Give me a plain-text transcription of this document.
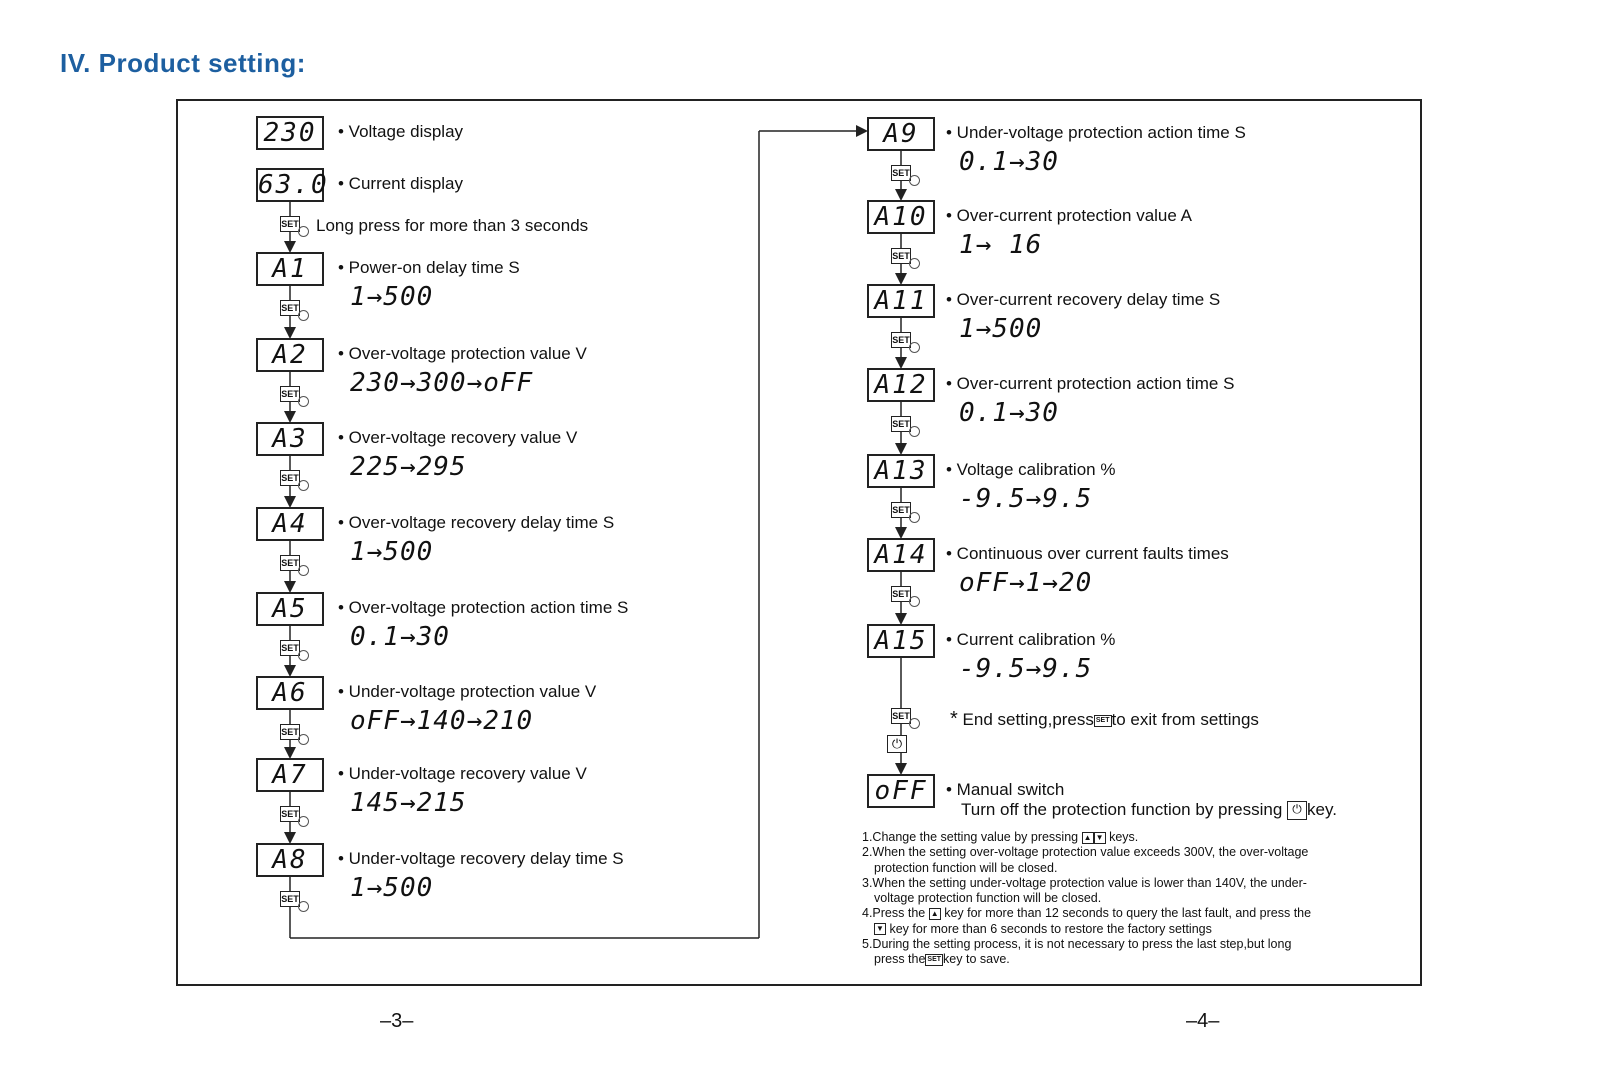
IV. Product setting:
Long press for more than 3 seconds
* End setting,press SET to exit from settings
⏻
oFF	• Manual switch
Turn off the protection function by pressing ⏻ key.
1.Change the setting value by pressing ▲ ▼ keys.
2.When the setting over-voltage protection value exceeds 300V, the over-voltage
protection function will be closed.
3.When the setting under-voltage protection value is lower than 140V, the under-
voltage protection function will be closed.
4.Press the ▲ key for more than 12 seconds to query the last fault, and press the
▼ key for more than 6 seconds to restore the factory settings
5.During the setting process, it is not necessary to press the last step,but long
press the SET key to save.
–3–	–4–
230	• Voltage display
63.0 • Current display
A1	• Power-on delay time S
1→500
A2	• Over-voltage protection value V
230→300→oFF
A3	• Over-voltage recovery value V
225→295
A4	• Over-voltage recovery delay time S
1→500
A5	• Over-voltage protection action time S
0.1→30
A6	• Under-voltage protection value V
oFF→140→210
A7	• Under-voltage recovery value V
145→215
A8	• Under-voltage recovery delay time S
1→500
A9	• Under-voltage protection action time S
0.1→30
A10	• Over-current protection value A
1→ 16
A11	• Over-current recovery delay time S
1→500
A12	• Over-current protection action time S
0.1→30
A13	• Voltage calibration %
-9.5→9.5
A14	• Continuous over current faults times
oFF→1→20
A15	• Current calibration %
-9.5→9.5
SET
SET
SET
SET
SET
SET
SET
SET
SET
SET
SET
SET
SET
SET
SET
SET
